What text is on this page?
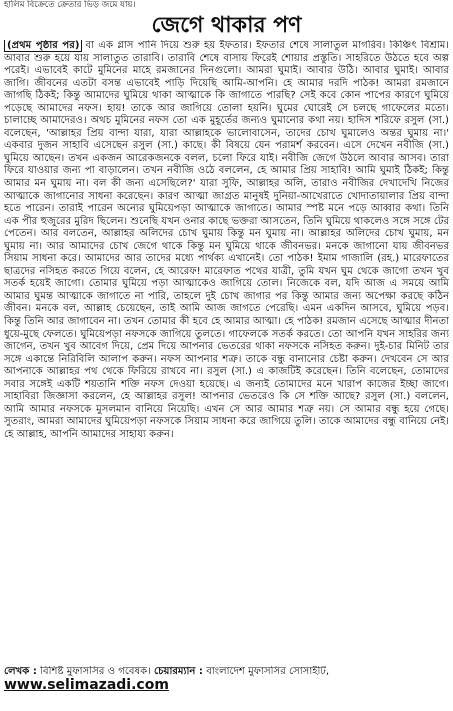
হালিম বিক্রেতে ক্রেতার ভিড় জমে যায়।
জেগে থাকার পণ
(প্রথম পৃষ্ঠার পর) বা এক গ্লাস পানি দিয়ে শুরু হয় ইফতার। ইফতার শেষে সালাতুল মাগরিব। কিঞ্চিৎ বিশ্রাম। আবার শুরু হয়ে যায় সালাতুত তারাবি। তারাবি শেষে বাসায় ফিরেই শোয়ার প্রস্তুতি। সাহরিতে উঠতে হবে অল্প পরেই। এভাবেই কাটে মুমিনের মাহে রমজানের দিনগুলো। আমরা ঘুমাই। আবার উঠি। আবার ঘুমাই। আবার জাগি। জীবনের এতটা বসন্ত এভাবেই পাড়ি দিয়েছি আমি-আপনি। হে আমার দরদি পাঠক! আমরা রমজানে জাগছি ঠিকই; কিন্তু আমাদের ঘুমিয়ে থাকা আত্মাকে কি জাগাতে পারছি? সেই কবে কোন পাপের কারণে ঘুমিয়ে পড়েছে আমাদের নফস। হায়! তাকে আর জাগিয়ে তোলা হয়নি। ঘুমের ঘোরেই সে চলছে গাফেলের মতো। চালাচ্ছে আমাদেরও। অথচ মুমিনের নফস তো এক মুহূর্তের জন্যও ঘুমানোর কথা নয়। হাদিস শরিফে রসুল (সা.) বলেছেন, 'আল্লাহর প্রিয় বান্দা যারা, যারা আল্লাহকে ভালোবাসেন, তাদের চোখ ঘুমালেও অন্তর ঘুমায় না।' একবার দুজন সাহাবি এসেছেন রসুল (সা.) কাছে। কী বিষয়ে যেন পরামর্শ করবেন। এসে দেখেন নবীজি (সা.) ঘুমিয়ে আছেন। তখন একজন আরেকজনকে বলল, চলো ফিরে যাই। নবীজি জেগে উঠলে আবার আসব। তারা ফিরে যাওয়ার জন্য পা বাড়ালেন। তখন নবীজি ওঠে বললেন, হে আমার প্রিয় সাহাবি! আমি ঘুমাই ঠিকই; কিন্তু আমার মন ঘুমায় না। বল কী জন্য এসেছিলে?' যারা সুফি, আল্লাহর অলি, তারাও নবীজির দেখাদেখি নিজের আত্মাকে জাগানোর সাধনা করেছেন। কারণ আত্মা জাগ্রত মানুষই দুনিয়া-আখেরাতে খোদাতায়ালার প্রিয় বান্দা হতে পারেন। তারাই পারেন অন্যের ঘুমিয়েপড়া আত্মাকে জাগাতে। আমার স্পষ্ট মনে পড়ে আব্বার কথা। তিনি এক পীর হুজুরের মুরিদ ছিলেন। শুনেছি যখন ওনার কাছে ভক্তরা আসতেন, তিনি ঘুমিয়ে থাকলেও সঙ্গে সঙ্গে টের পেতেন। আর বলতেন, আল্লাহর অলিদের চোখ ঘুমায় কিন্তু মন ঘুমায় না। আল্লাহর অলিদের চোখ ঘুমায়, মন ঘুমায় না। আর আমাদের চোখ জেগে থাকে কিন্তু মন ঘুমিয়ে থাকে জীবনভর। মনকে জাগানো যায় জীবনভর সিয়াম সাধনা করে। আমাদের আর তাদের মধ্যে পার্থক্য এখানেই। তো পাঠক! ইমাম গাজালি (রহ.) মারেফাতের ছাত্রদের নসিহত করতে গিয়ে বলেন, হে আরেফ! মারেফাত পথের যাত্রী, তুমি যখন ঘুম থেকে জাগো তখন খুব সতর্ক হয়েই জাগো। তোমার ঘুমিয়ে পড়া আত্মাকেও জাগিয়ে তোল। নিজেকে বল, যদি আজ এ সময়ে আমি আমার ঘুমন্ত আত্মাকে জাগাতে না পারি, তাহলে দুই চোখ জাগার পর কিন্তু আমার জন্য অপেক্ষা করছে কঠিন জীবন। মনকে বল, আল্লাহ চেয়েছেন, তাই আমি আজ জাগতে পেরেছি। এমন একদিন আসবে, ঘুমিয়ে পড়ব। কিন্তু তিনি আর জাগাবেন না। তখন তোমার কী হবে হে আমার আত্মা। হে পাঠক! রমজান এসেছে আত্মার দীনতা ধুয়ে-মুছে ফেলতে। ঘুমিয়েপড়া নফসকে জাগিয়ে তুলতে। গাফেলকে সতর্ক করতে। তো আপনি যখন সাহরির জন্য জাগেন, তখন খুব আবেগ দিয়ে, প্রেম দিয়ে আপনার ভেতরের থাকা নফসকে নসিহত করুন। দুই-চার মিনিট তার সঙ্গে একান্তে নিরিবিলি আলাপ করুন। নফস আপনার শত্রু। তাকে বন্ধু বানানোর চেষ্টা করুন। দেখবেন সে আর আপনাকে আল্লাহর পথ থেকে ফিরিয়ে রাখবে না। রসুল (সা.) এ কাজটিই করেছেন। তিনি বলেছেন, তোমাদের সবার সঙ্গেই একটি শয়তানি শক্তি নফস দেওয়া হয়েছে। এ জন্যই তোমাদের মনে খারাপ কাজের ইচ্ছা জাগে। সাহাবিরা জিজ্ঞাসা করলেন, হে আল্লাহর রসুল! আপনার ভেতরেও কি সে শক্তি আছে? রসুল (সা.) বললেন, আমি আমার নফসকে মুসলমান বানিয়ে নিয়েছি। এখন সে আর আমার শত্রু নয়। সে আমার বন্ধু হয়ে গেছে। সুতরাং, আমরা আমাদের ঘুমিয়েপড়া নফসকে সিয়াম সাধনা করে জাগিয়ে তুলি। তাকে আমাদের বন্ধু বানিয়ে নেই। হে আল্লাহ, আপনি আমাদের সাহায্য করুন।
লেখক : বিশিষ্ট মুফাসসির ও গবেষক। চেয়ারম্যান : বাংলাদেশ মুফাসসির সোসাইটি, www.selimazadi.com
